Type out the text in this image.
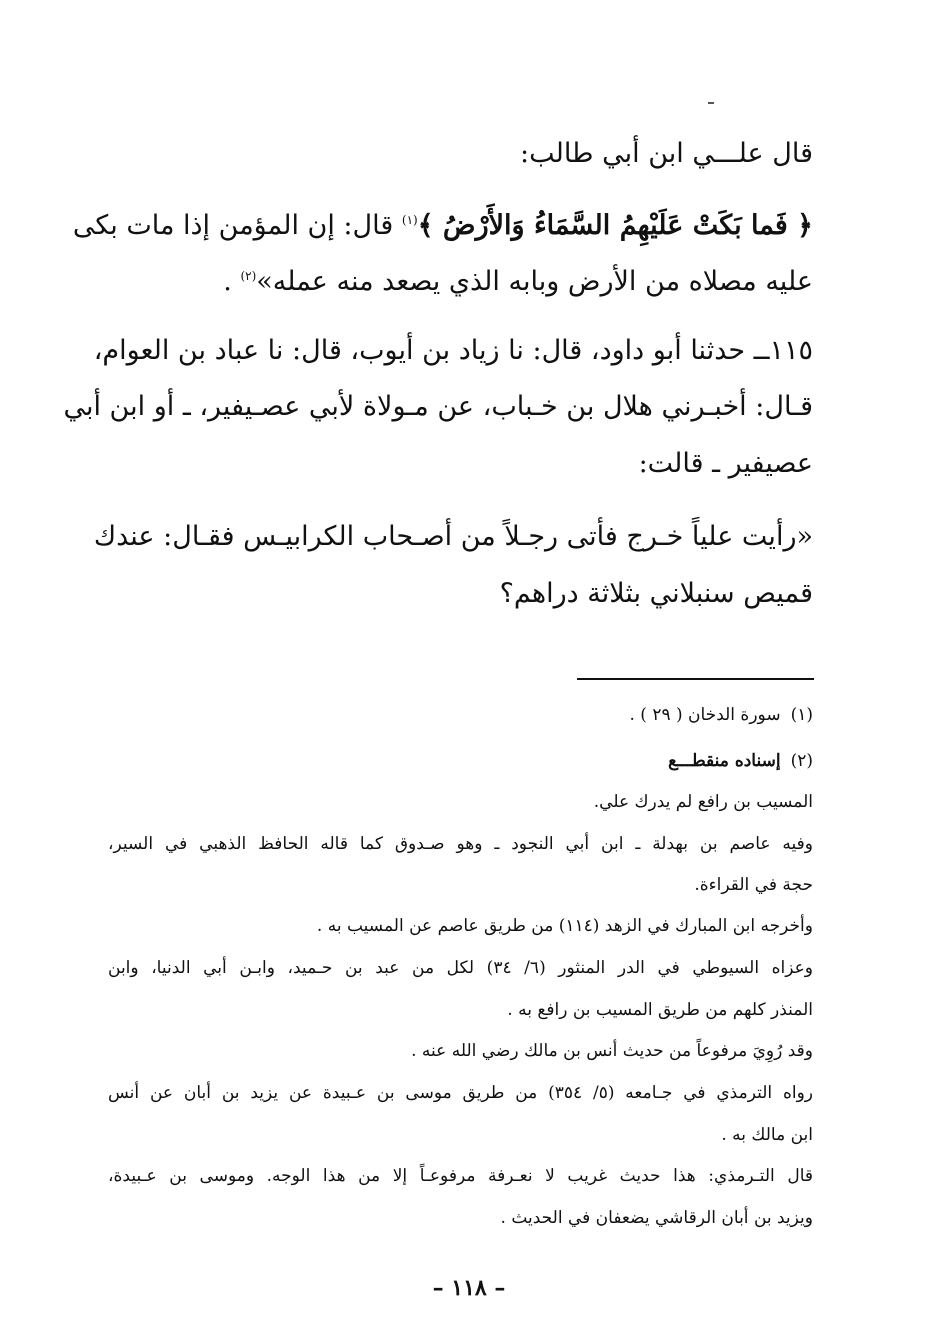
قال علـــي ابن أبي طالب:
﴿ فَما بَكَتْ عَلَيْهِمُ السَّمَاءُ وَالأَرْضُ ﴾$^{(١)}$ قال: إن المؤمن إذا مات بكى
عليه مصلاه من الأرض وبابه الذي يصعد منه عمله»$^{(٢)}$ .
١١٥ــ حدثنا أبو داود، قال: نا زياد بن أيوب، قال: نا عباد بن العوام،
قـال: أخبـرني هلال بن خـباب، عن مـولاة لأبي عصـيفير، ـ أو ابن أبي
عصيفير ـ قالت:
«رأيت علياً خـرج فأتى رجـلاً من أصـحاب الكرابيـس فقـال: عندك
قميص سنبلاني بثلاثة دراهم؟
(١)سورة الدخان ( ٢٩ ) .
(٢)إسناده منقطـــع
المسيب بن رافع لم يدرك علي.
وفيه عاصم بن بهدلة ـ ابن أبي النجود ـ وهو صـدوق كما قاله الحافظ الذهبي في السير،
حجة في القراءة.
وأخرجه ابن المبارك في الزهد (١١٤) من طريق عاصم عن المسيب به .
وعزاه السيوطي في الدر المنثور (٦/ ٣٤) لكل من عبد بن حـميد، وابـن أبي الدنيا، وابن
المنذر كلهم من طريق المسيب بن رافع به .
وقد رُوِيَ مرفوعاً من حديث أنس بن مالك رضي الله عنه .
رواه الترمذي في جـامعه (٥/ ٣٥٤) من طريق موسى بن عـبيدة عن يزيد بن أبان عن أنس
ابن مالك به .
قال التـرمذي: هذا حديث غريب لا نعـرفة مرفوعـاً إلا من هذا الوجه. وموسى بن عـبيدة،
ويزيد بن أبان الرقاشي يضعفان في الحديث .
– ١١٨ –
